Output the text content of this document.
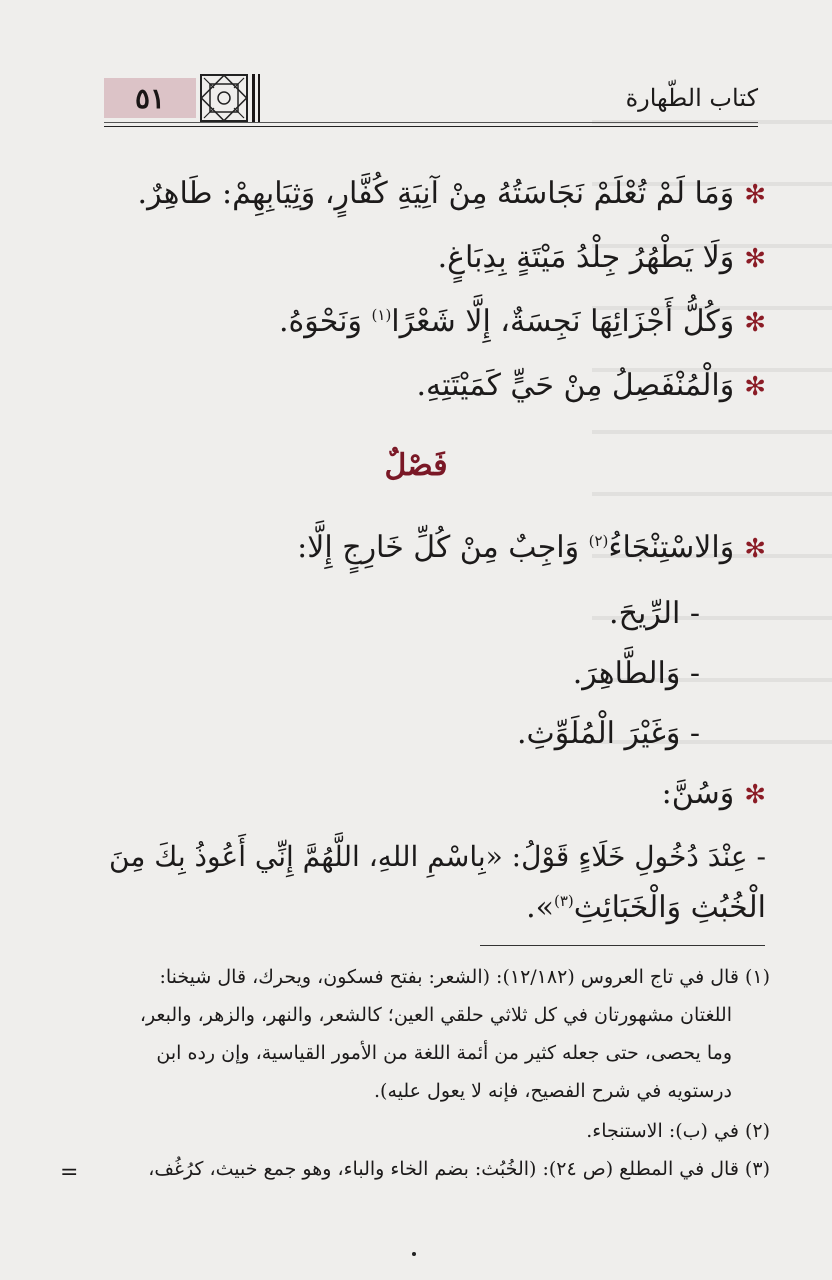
٥١	كتاب الطّهارة
✻وَمَا لَمْ تُعْلَمْ نَجَاسَتُهُ مِنْ آنِيَةِ كُفَّارٍ، وَثِيَابِهِمْ: طَاهِرٌ.
✻وَلَا يَطْهُرُ جِلْدُ مَيْتَةٍ بِدِبَاغٍ.
✻وَكُلُّ أَجْزَائِهَا نَجِسَةٌ، إِلَّا شَعْرًا$^{(١)}$ وَنَحْوَهُ.
✻وَالْمُنْفَصِلُ مِنْ حَيٍّ كَمَيْتَتِهِ.
فَصْلٌ
✻وَالاسْتِنْجَاءُ$^{(٢)}$ وَاجِبٌ مِنْ كُلِّ خَارِجٍ إِلَّا:
- الرِّيحَ.
- وَالطَّاهِرَ.
- وَغَيْرَ الْمُلَوِّثِ.
✻وَسُنَّ:
- عِنْدَ دُخُولِ خَلَاءٍ قَوْلُ: «بِاسْمِ اللهِ، اللَّهُمَّ إِنِّي أَعُوذُ بِكَ مِنَ
الْخُبُثِ وَالْخَبَائِثِ$^{(٣)}$».
(١) قال في تاج العروس (١٢/١٨٢): (الشعر: بفتح فسكون، ويحرك، قال شيخنا:
اللغتان مشهورتان في كل ثلاثي حلقي العين؛ كالشعر، والنهر، والزهر، والبعر،
وما يحصى، حتى جعله كثير من أئمة اللغة من الأمور القياسية، وإن رده ابن
درستويه في شرح الفصيح، فإنه لا يعول عليه).
(٢) في (ب): الاستنجاء.
(٣) قال في المطلع (ص ٢٤): (الخُبُث: بضم الخاء والباء، وهو جمع خبيث، كرُغُف،
=
